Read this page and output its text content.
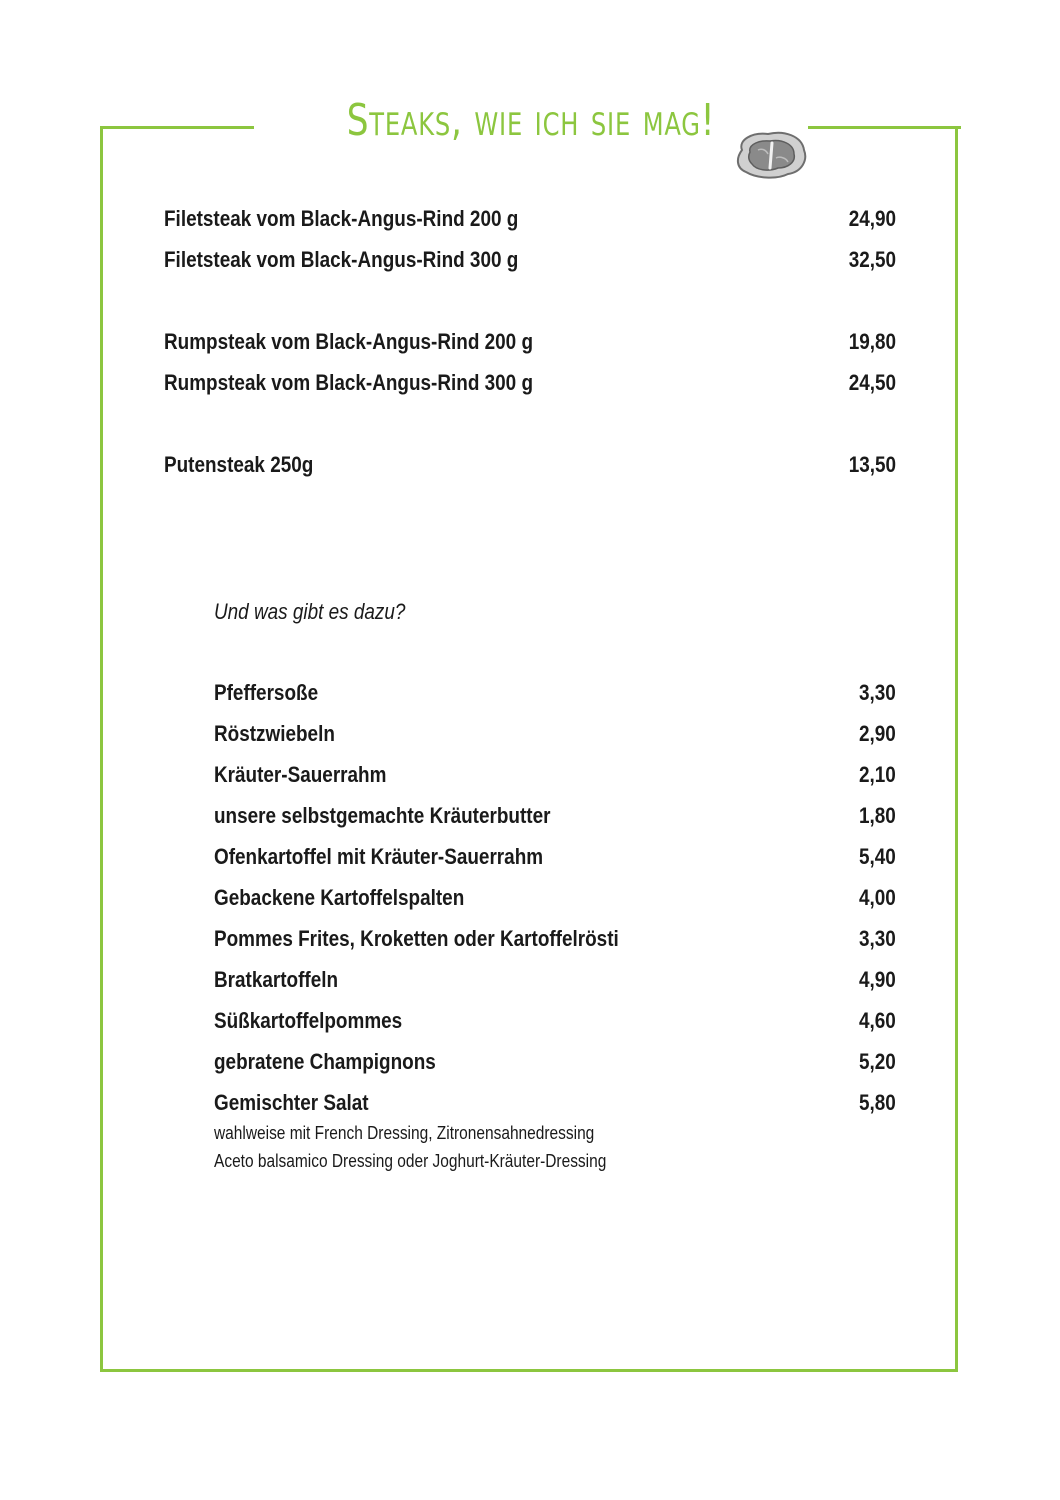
Steaks, wie ich sie mag!
Filetsteak vom Black-Angus-Rind 200 g	24,90
Filetsteak vom Black-Angus-Rind 300 g	32,50
Rumpsteak vom Black-Angus-Rind 200 g	19,80
Rumpsteak vom Black-Angus-Rind 300 g	24,50
Putensteak 250g	13,50

Und was gibt es dazu?

Pfeffersoße	3,30
Röstzwiebeln	2,90
Kräuter-Sauerrahm	2,10
unsere selbstgemachte Kräuterbutter	1,80
Ofenkartoffel mit Kräuter-Sauerrahm	5,40
Gebackene Kartoffelspalten	4,00
Pommes Frites, Kroketten oder Kartoffelrösti	3,30
Bratkartoffeln	4,90
Süßkartoffelpommes	4,60
gebratene Champignons	5,20
Gemischter Salat	5,80

wahlweise mit French Dressing, Zitronensahnedressing

Aceto balsamico Dressing oder Joghurt-Kräuter-Dressing
